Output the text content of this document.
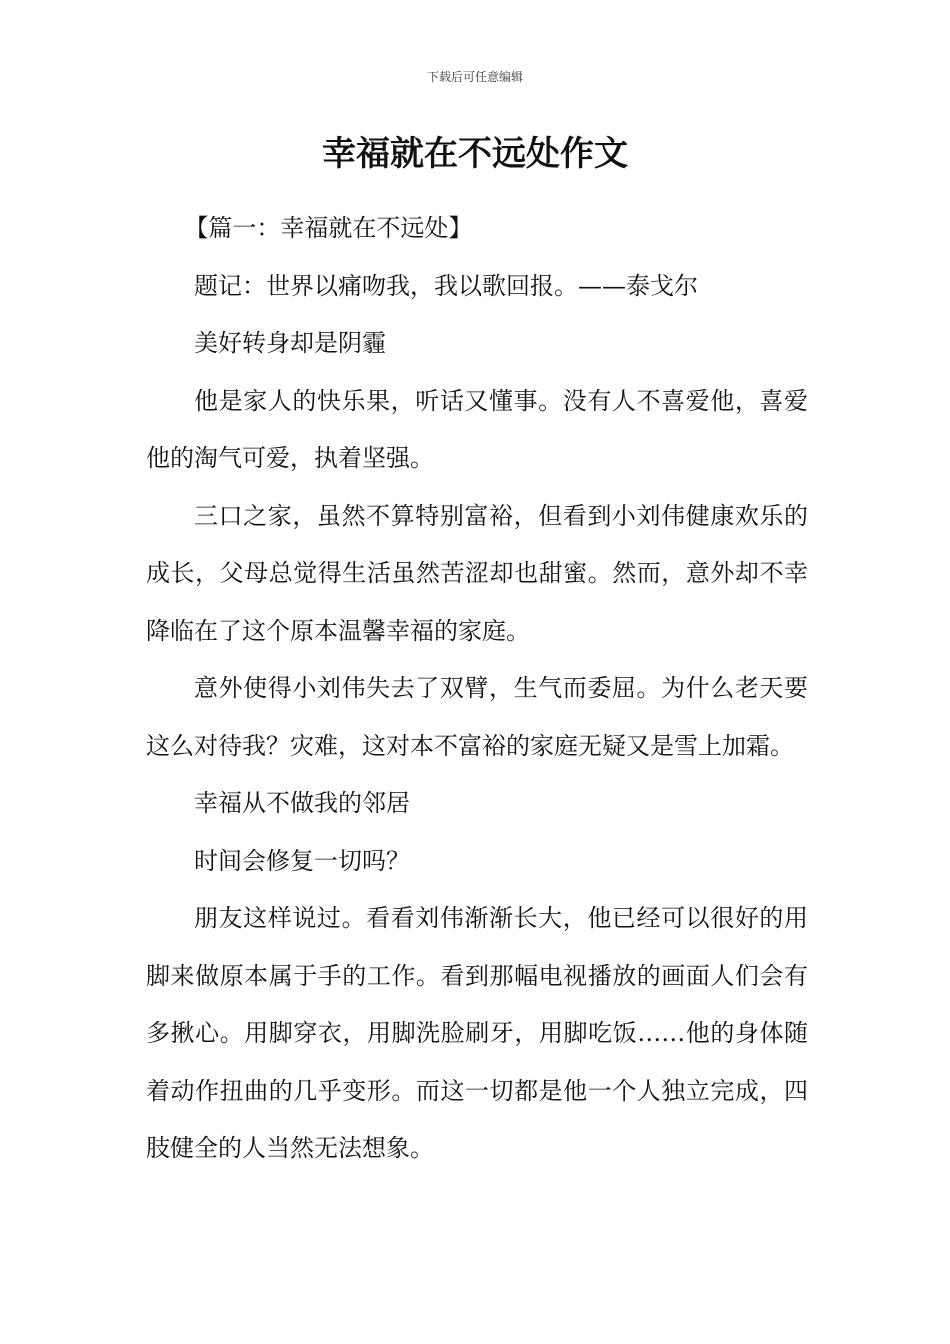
下载后可任意编辑
幸福就在不远处作文

【篇一：幸福就在不远处】

题记：世界以痛吻我，我以歌回报。——泰戈尔

美好转身却是阴霾

他是家人的快乐果，听话又懂事。没有人不喜爱他，喜爱他的淘气可爱，执着坚强。

三口之家，虽然不算特别富裕，但看到小刘伟健康欢乐的成长，父母总觉得生活虽然苦涩却也甜蜜。然而，意外却不幸降临在了这个原本温馨幸福的家庭。

意外使得小刘伟失去了双臂，生气而委屈。为什么老天要这么对待我？灾难，这对本不富裕的家庭无疑又是雪上加霜。

幸福从不做我的邻居

时间会修复一切吗？

朋友这样说过。看看刘伟渐渐长大，他已经可以很好的用脚来做原本属于手的工作。看到那幅电视播放的画面人们会有多揪心。用脚穿衣，用脚洗脸刷牙，用脚吃饭……他的身体随着动作扭曲的几乎变形。而这一切都是他一个人独立完成，四肢健全的人当然无法想象。
